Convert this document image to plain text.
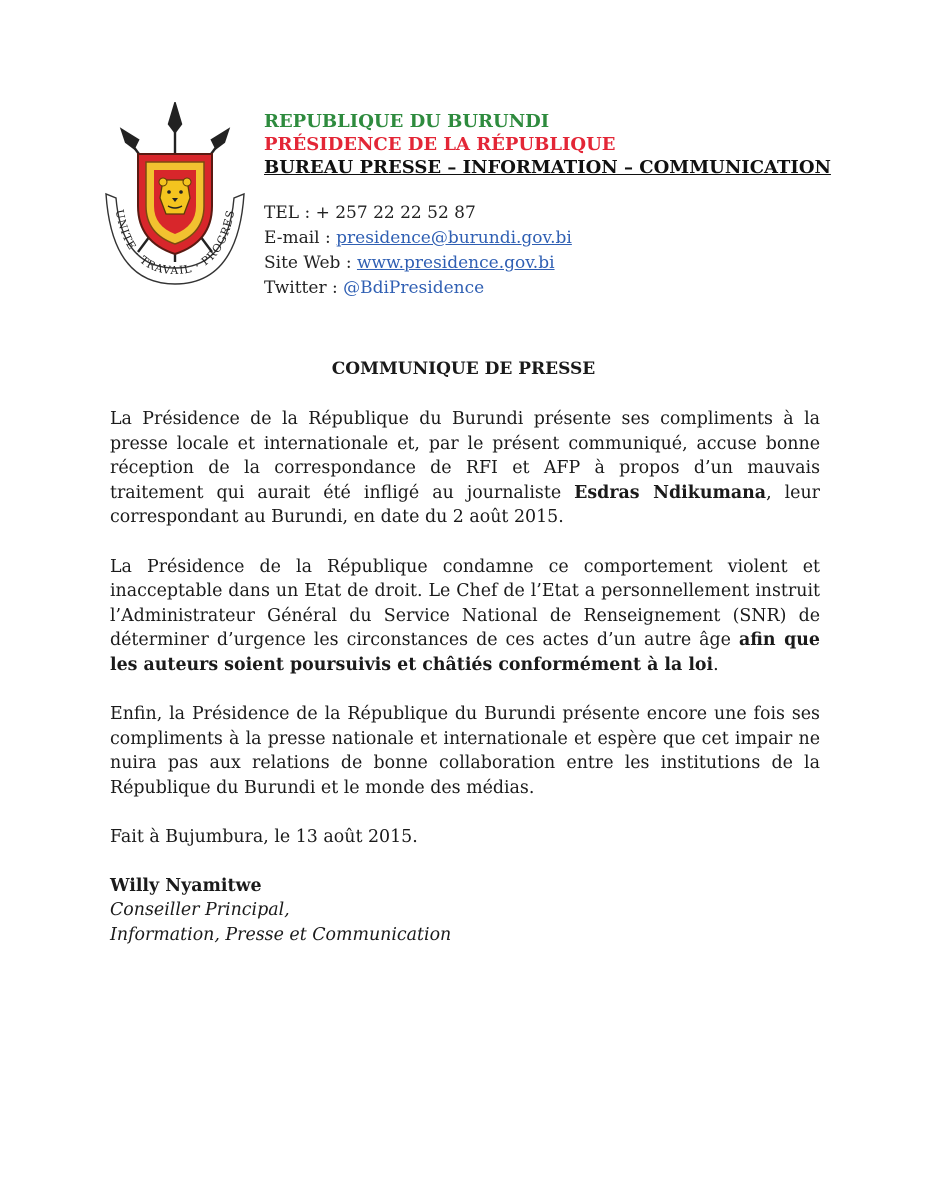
UNITE · TRAVAIL · PROGRES
REPUBLIQUE DU BURUNDI
PRÉSIDENCE DE LA RÉPUBLIQUE
BUREAU PRESSE – INFORMATION – COMMUNICATION
TEL : + 257 22 22 52 87
E-mail : presidence@burundi.gov.bi
Site Web : www.presidence.gov.bi
Twitter : @BdiPresidence
COMMUNIQUE DE PRESSE

La Présidence de la République du Burundi présente ses compliments à la presse locale et internationale et, par le présent communiqué, accuse bonne réception de la correspondance de RFI et AFP à propos d’un mauvais traitement qui aurait été infligé au journaliste Esdras Ndikumana, leur correspondant au Burundi, en date du 2 août 2015.

La Présidence de la République condamne ce comportement violent et inacceptable dans un Etat de droit. Le Chef de l’Etat a personnellement instruit l’Administrateur Général du Service National de Renseignement (SNR) de déterminer d’urgence les circonstances de ces actes d’un autre âge afin que les auteurs soient poursuivis et châtiés conformément à la loi.

Enfin, la Présidence de la République du Burundi présente encore une fois ses compliments à la presse nationale et internationale et espère que cet impair ne nuira pas aux relations de bonne collaboration entre les institutions de la République du Burundi et le monde des médias.

Fait à Bujumbura, le 13 août 2015.

Willy Nyamitwe

Conseiller Principal,

Information, Presse et Communication
